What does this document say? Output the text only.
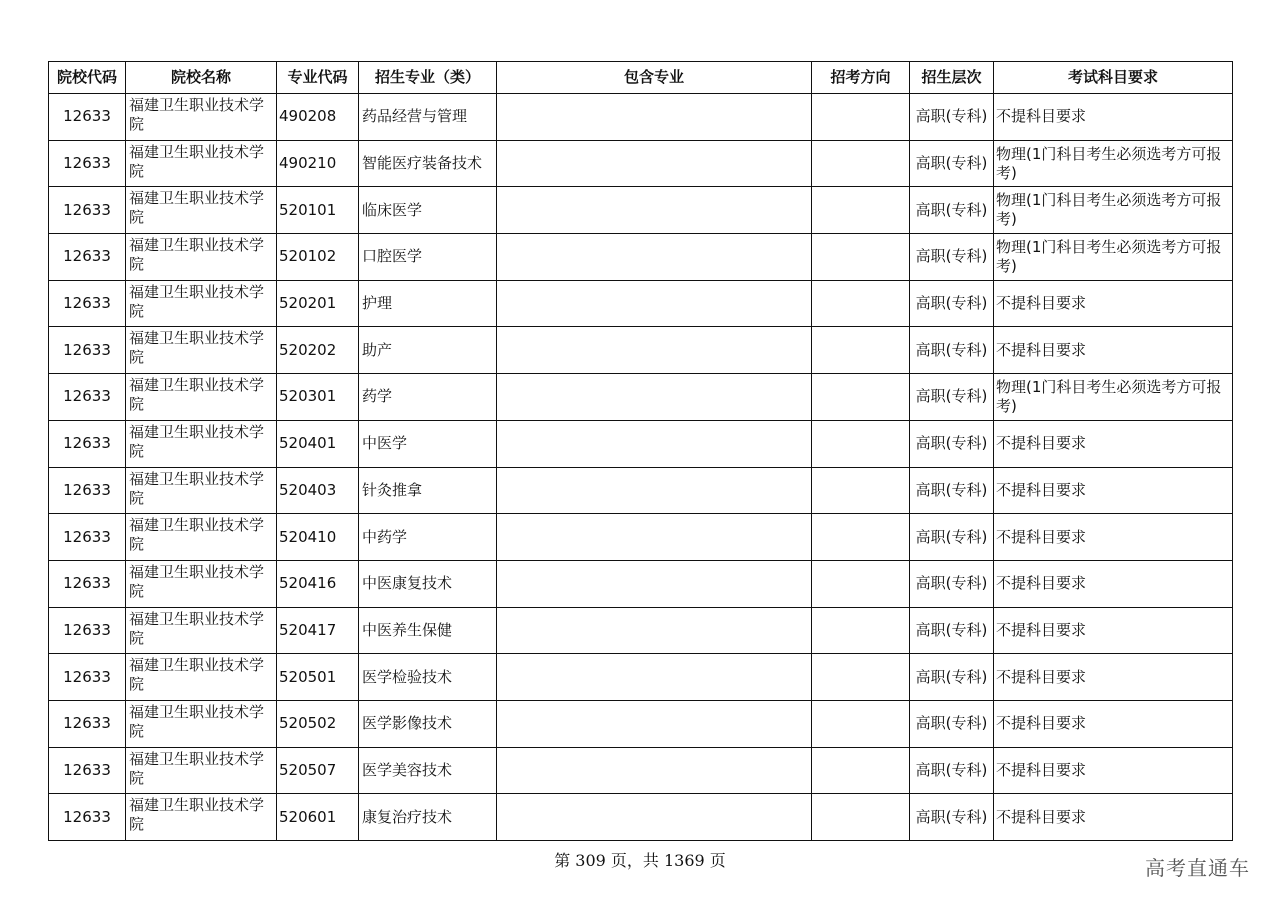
院校代码	院校名称	专业代码	招生专业（类）	包含专业	招考方向	招生层次	考试科目要求
12633	福建卫生职业技术学院	490208	药品经营与管理			高职(专科)	不提科目要求
12633	福建卫生职业技术学院	490210	智能医疗装备技术			高职(专科)	物理(1门科目考生必须选考方可报考)
12633	福建卫生职业技术学院	520101	临床医学			高职(专科)	物理(1门科目考生必须选考方可报考)
12633	福建卫生职业技术学院	520102	口腔医学			高职(专科)	物理(1门科目考生必须选考方可报考)
12633	福建卫生职业技术学院	520201	护理			高职(专科)	不提科目要求
12633	福建卫生职业技术学院	520202	助产			高职(专科)	不提科目要求
12633	福建卫生职业技术学院	520301	药学			高职(专科)	物理(1门科目考生必须选考方可报考)
12633	福建卫生职业技术学院	520401	中医学			高职(专科)	不提科目要求
12633	福建卫生职业技术学院	520403	针灸推拿			高职(专科)	不提科目要求
12633	福建卫生职业技术学院	520410	中药学			高职(专科)	不提科目要求
12633	福建卫生职业技术学院	520416	中医康复技术			高职(专科)	不提科目要求
12633	福建卫生职业技术学院	520417	中医养生保健			高职(专科)	不提科目要求
12633	福建卫生职业技术学院	520501	医学检验技术			高职(专科)	不提科目要求
12633	福建卫生职业技术学院	520502	医学影像技术			高职(专科)	不提科目要求
12633	福建卫生职业技术学院	520507	医学美容技术			高职(专科)	不提科目要求
12633	福建卫生职业技术学院	520601	康复治疗技术			高职(专科)	不提科目要求
第 309 页，共 1369 页	高考直通车
